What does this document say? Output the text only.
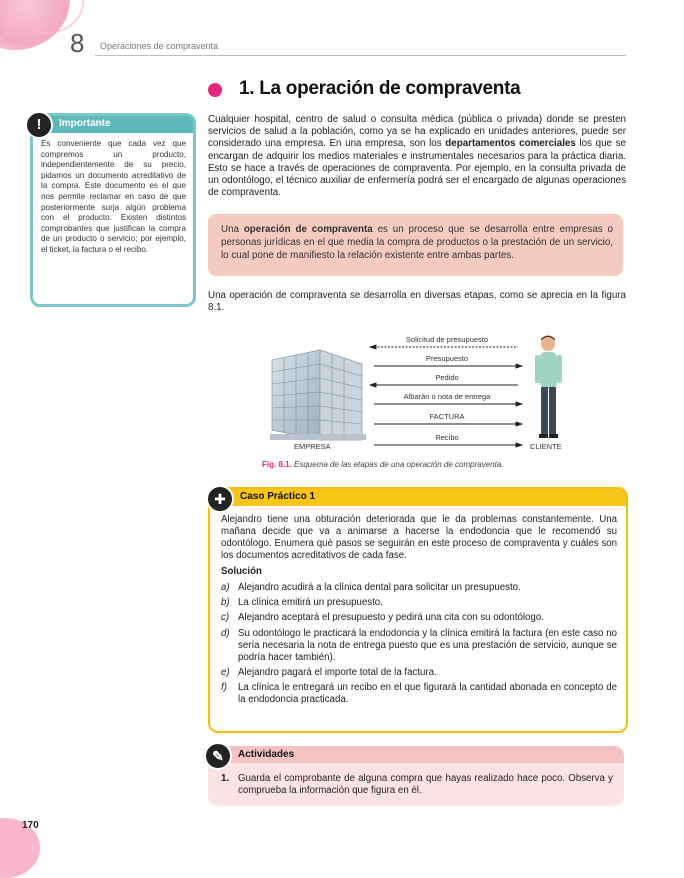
8 Operaciones de compraventa
1. La operación de compraventa
!	Importante
Es conveniente que cada vez que compremos un producto, independientemente de su precio, pidamos un documento acreditativo de la compra. Este documento es el que nos permite reclamar en caso de que posteriormente surja algún problema con el producto. Existen distintos comprobantes que justifican la compra de un producto o servicio; por ejemplo, el ticket, la factura o el recibo.
Cualquier hospital, centro de salud o consulta médica (pública o privada) donde se presten servicios de salud a la población, como ya se ha explicado en unidades anteriores, puede ser considerado una empresa. En una empresa, son los departamentos comerciales los que se encargan de adquirir los medios materiales e instrumentales necesarios para la práctica diaria. Esto se hace a través de operaciones de compraventa. Por ejemplo, en la consulta privada de un odontólogo, el técnico auxiliar de enfermería podrá ser el encargado de algunas operaciones de compraventa.
Una operación de compraventa es un proceso que se desarrolla entre empresas o personas jurídicas en el que media la compra de productos o la prestación de un servicio, lo cual pone de manifiesto la relación existente entre ambas partes.
Una operación de compraventa se desarrolla en diversas etapas, como se aprecia en la figura 8.1.
Solicitud de presupuesto
Presupuesto
Pedido
Albarán o nota de entrega
FACTURA
Recibo
EMPRESA	CLIENTE
Fig. 8.1. Esquema de las etapas de una operación de compraventa.
✚	Caso Práctico 1
Alejandro tiene una obturación deteriorada que le da problemas constantemente. Una mañana decide que va a animarse a hacerse la endodoncia que le recomendó su odontólogo. Enumera qué pasos se seguirán en este proceso de compraventa y cuáles son los documentos acreditativos de cada fase.
Solución
a) Alejandro acudirá a la clínica dental para solicitar un presupuesto.
b) La clínica emitirá un presupuesto.
c) Alejandro aceptará el presupuesto y pedirá una cita con su odontólogo.
d) Su odontólogo le practicará la endodoncia y la clínica emitirá la factura (en este caso no sería necesaria la nota de entrega puesto que es una prestación de servicio, aunque se podría hacer también).
e) Alejandro pagará el importe total de la factura.
f)	La clínica le entregará un recibo en el que figurará la cantidad abonada en concepto de la endodoncia practicada.
✎	Actividades
1. Guarda el comprobante de alguna compra que hayas realizado hace poco. Observa y comprueba la información que figura en él.
170
